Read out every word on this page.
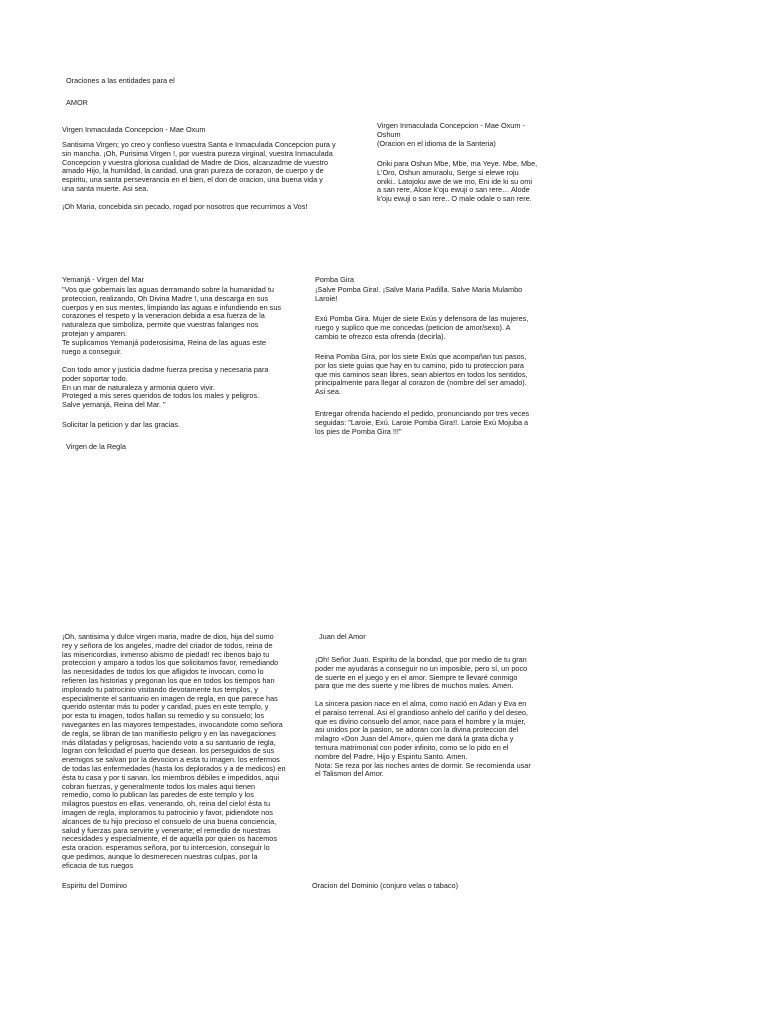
Oraciones a las entidades para el

AMOR

Virgen Inmaculada Concepcion - Mae Oxum

Santisima Virgen; yo creo y confieso vuestra Santa e Inmaculada Concepcion pura y
sin mancha. ¡Oh, Purisima Virgen !, por vuestra pureza virginal, vuestra Inmaculada
Concepcion y vuestra gloriosa cualidad de Madre de Dios, alcanzadme de vuestro
amado Hijo, la humildad, la caridad, una gran pureza de corazon, de cuerpo y de
espiritu, una santa perseverancia en el bien, el don de oracion, una buena vida y
una santa muerte. Asi sea.

¡Oh Maria, concebida sin pecado, rogad por nosotros que recurrimos a Vos!

Virgen Inmaculada Concepcion - Mae Oxum -
Oshum

(Oracion en el idioma de la Santeria)

Oriki para Oshun Mbe, Mbe, ma Yeye. Mbe, Mbe,
L'Oro, Oshun amuraolu, Serge si elewe roju
oniki.. Latojoku awe de we mo, Eni ide ki su omi
a san rere, Alose k'oju ewuji o san rere… Alode
k'oju ewuji o san rere.. O male odale o san rere.

Yemanjá - Virgen del Mar

"Vos que gobernais las aguas derramando sobre la humanidad tu
proteccion, realizando, Oh Divina Madre !, una descarga en sus
cuerpos y en sus mentes, limpiando las aguas e infundiendo en sus
corazones el respeto y la veneracion debida a esa fuerza de la
naturaleza que simboliza, permite que vuestras falanges nos
protejan y amparen.
Te suplicamos Yemanjá poderosisima, Reina de las aguas este
ruego a conseguir.

Con todo amor y justicia dadme fuerza precisa y necesaria para
poder soportar todo.
En un mar de naturaleza y armonia quiero vivir.
Proteged a mis seres queridos de todos los males y peligros.
Salve yemanjá, Reina del Mar. "

Solicitar la peticion y dar las gracias.

Pomba Gira

¡Salve Pomba Gira!. ¡Salve Maria Padilla. Salve Maria Mulambo
Laroie!

Exú Pomba Gira. Mujer de siete Exús y defensora de las mujeres,
ruego y suplico que me concedas (peticion de amor/sexo). A
cambio te ofrezco esta ofrenda (decirla).

Reina Pomba Gira, por los siete Exús que acompañan tus pasos,
por los siete guias que hay en tu camino, pido tu proteccion para
que mis caminos sean libres, sean abiertos en todos los sentidos,
principalmente para llegar al corazon de (nombre del ser amado).
Asi sea.

Entregar ofrenda haciendo el pedido, pronunciando por tres veces
seguidas: "Laroie, Exú. Laroie Pomba Gira!!. Laroie Exú Mojuba a
los pies de Pomba Gira !!!"

Virgen de la Regla

¡Oh, santisima y dulce virgen maria, madre de dios, hija del sumo
rey y señora de los angeles, madre del criador de todos, reina de
las misericordias, inmenso abismo de piedad! rec ibenos bajo tu
proteccion y amparo a todos los que solicitamos favor, remediando
las necesidades de todos los que afligidos te invocan, como lo
refieren las historias y pregonan los que en todos los tiempos han
implorado tu patrocinio visitando devotamente tus templos, y
especialmente el santuario en imagen de regla, en que parece has
querido ostentar más tu poder y caridad, pues en este templo, y
por esta tu imagen, todos hallan su remedio y su consuelo; los
navegantes en las mayores tempestades, invocandote como señora
de regla, se libran de tan manifiesto peligro y en las navegaciones
más dilatadas y peligrosas, haciendo voto a su santuario de regla,
logran con felicidad el puerto que desean. los perseguidos de sus
enemigos se salvan por la devocion a esta tu imagen. los enfermos
de todas las enfermedades (hasta los deplorados y a de medicos) en
ésta tu casa y por ti sanan. los miembros débiles e impedidos, aqui
cobran fuerzas, y generalmente todos los males aqui tienen
remedio, como lo publican las paredes de este templo y los
milagros puestos en ellas. venerando, oh, reina del cielo! ésta tu
imagen de regla, imploramos tu patrocinio y favor, pidiendote nos
alcances de tu hijo precioso el consuelo de una buena conciencia,
salud y fuerzas para servirte y venerarte; el remedio de nuestras
necesidades y especialmente, el de aquella por quien os hacemos
esta oracion. esperamos señora, por tu intercesion, conseguir lo
que pedimos, aunque lo desmerecen nuestras culpas, por la
eficacia de tus ruegos

Juan del Amor

¡Oh! Señor Juan. Espiritu de la bondad, que por medio de tu gran
poder me ayudarás a conseguir no un imposible, pero sí, un poco
de suerte en el juego y en el amor. Siempre te llevaré conmigo
para que me des suerte y me libres de muchos males. Amen.

La sincera pasion nace en el alma, como nació en Adan y Eva en
el paraiso terrenal. Asi el grandioso anhelo del cariño y del deseo,
que es divino consuelo del amor, nace para el hombre y la mujer,
asi unidos por la pasion, se adoran con la divina proteccion del
milagro «Don Juan del Amor», quien me dará la grata dicha y
ternura matrimonial con poder infinito, como se lo pido en el
nombre del Padre, Hijo y Espiritu Santo. Amen.
Nota: Se reza por las noches antes de dormir. Se recomienda usar
el Talismon del Amor.

Espiritu del Dominio	Oracion del Dominio (conjuro velas o tabaco)
